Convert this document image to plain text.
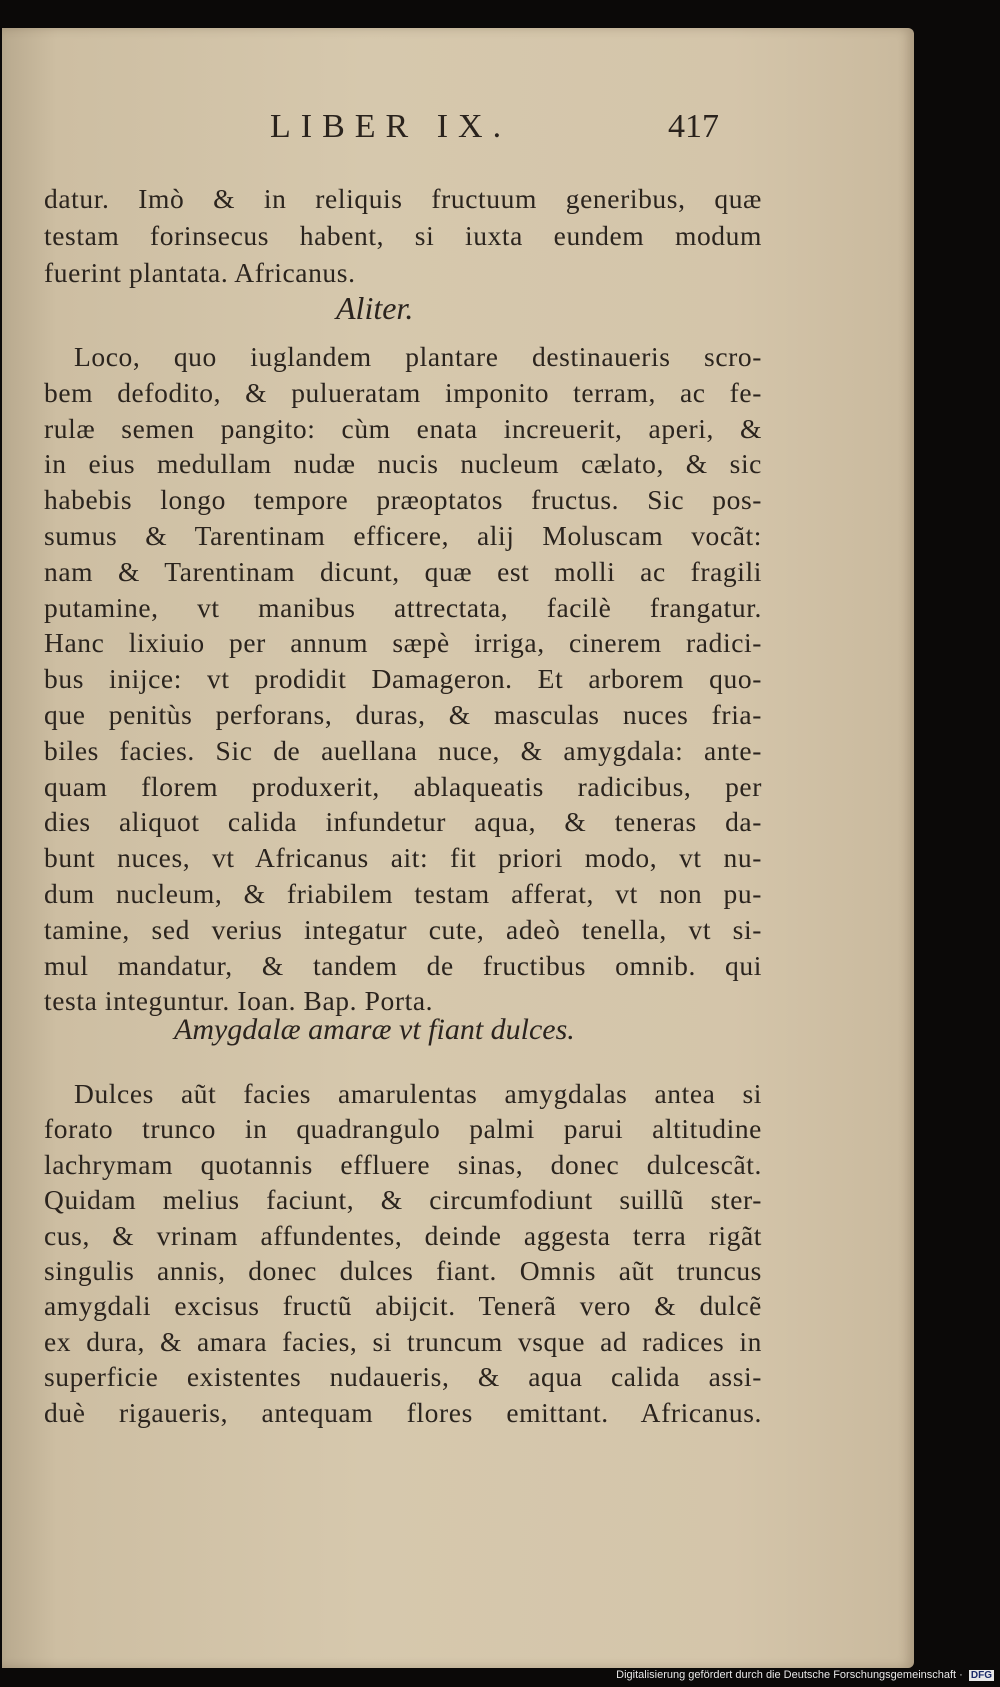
LIBER IX.	417
datur. Imò & in reliquis fructuum generibus, quæ
testam forinsecus habent, si iuxta eundem modum
fuerint plantata. Africanus.
Aliter.
Loco, quo iuglandem plantare destinaueris scro-
bem defodito, & pulueratam imponito terram, ac fe-
rulæ semen pangito: cùm enata increuerit, aperi, &
in eius medullam nudæ nucis nucleum cælato, & sic
habebis longo tempore præoptatos fructus. Sic pos-
sumus & Tarentinam efficere, alij Moluscam vocãt:
nam & Tarentinam dicunt, quæ est molli ac fragili
putamine, vt manibus attrectata, facilè frangatur.
Hanc lixiuio per annum sæpè irriga, cinerem radici-
bus inijce: vt prodidit Damageron. Et arborem quo-
que penitùs perforans, duras, & masculas nuces fria-
biles facies. Sic de auellana nuce, & amygdala: ante-
quam florem produxerit, ablaqueatis radicibus, per
dies aliquot calida infundetur aqua, & teneras da-
bunt nuces, vt Africanus ait: fit priori modo, vt nu-
dum nucleum, & friabilem testam afferat, vt non pu-
tamine, sed verius integatur cute, adeò tenella, vt si-
mul mandatur, & tandem de fructibus omnib. qui
testa integuntur. Ioan. Bap. Porta.
Amygdalæ amaræ vt fiant dulces.
Dulces aũt facies amarulentas amygdalas antea si
forato trunco in quadrangulo palmi parui altitudine
lachrymam quotannis effluere sinas, donec dulcescãt.
Quidam melius faciunt, & circumfodiunt suillũ ster-
cus, & vrinam affundentes, deinde aggesta terra rigãt
singulis annis, donec dulces fiant. Omnis aũt truncus
amygdali excisus fructũ abijcit. Tenerã vero & dulcẽ
ex dura, & amara facies, si truncum vsque ad radices in
superficie existentes nudaueris, & aqua calida assi-
duè rigaueris, antequam flores emittant. Africanus.
Digitalisierung gefördert durch die Deutsche Forschungsgemeinschaft · DFG
